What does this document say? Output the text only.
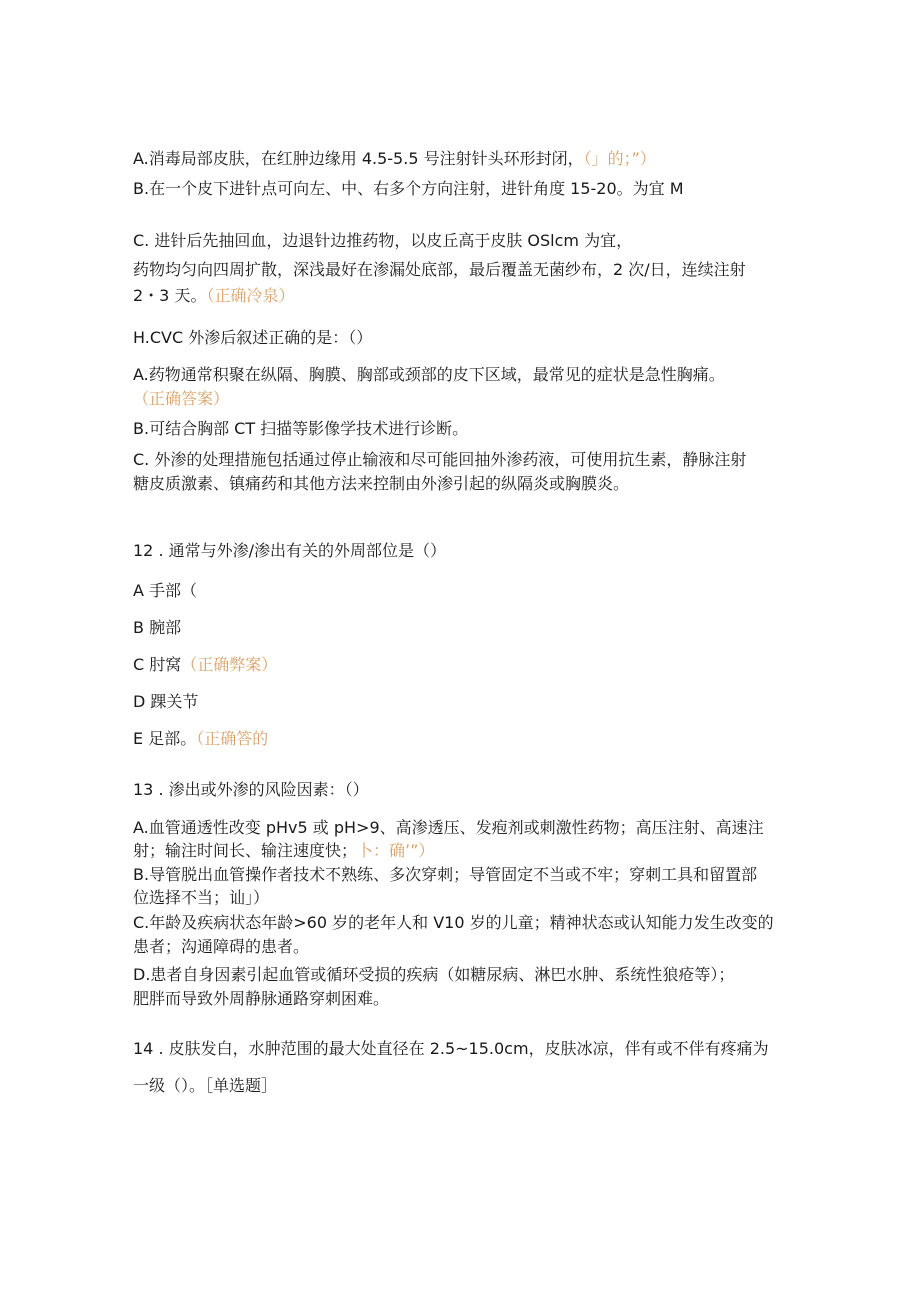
A.消毒局部皮肤，在红肿边缘用 4.5-5.5 号注射针头环形封闭，（」的；”）
B.在一个皮下进针点可向左、中、右多个方向注射，进针角度 15-20。为宜 M
C. 进针后先抽回血，边退针边推药物，以皮丘高于皮肤 OSlcm 为宜，
药物均匀向四周扩散，深浅最好在渗漏处底部，最后覆盖无菌纱布，2 次/日，连续注射
2・3 天。（正确冷泉）
H.CVC 外渗后叙述正确的是：（）
A.药物通常积聚在纵隔、胸膜、胸部或颈部的皮下区域，最常见的症状是急性胸痛。
（正确答案）
B.可结合胸部 CT 扫描等影像学技术进行诊断。
C. 外渗的处理措施包括通过停止输液和尽可能回抽外渗药液，可使用抗生素，静脉注射
糖皮质激素、镇痛药和其他方法来控制由外渗引起的纵隔炎或胸膜炎。
12 . 通常与外渗/渗出有关的外周部位是（）
A 手部（
B 腕部
C 肘窝（正确弊案）
D 踝关节
E 足部。（正确答的
13 . 渗出或外渗的风险因素：（）
A.血管通透性改变 pHv5 或 pH>9、高渗透压、发疱剂或刺激性药物；高压注射、高速注
射；输注时间长、输注速度快；卜：确’”）
B.导管脱出血管操作者技术不熟练、多次穿刺；导管固定不当或不牢；穿刺工具和留置部
位选择不当；讪」）
C.年龄及疾病状态年龄>60 岁的老年人和 V10 岁的儿童；精神状态或认知能力发生改变的
患者；沟通障碍的患者。
D.患者自身因素引起血管或循环受损的疾病（如糖尿病、淋巴水肿、系统性狼疮等）；
肥胖而导致外周静脉通路穿刺困难。
14 . 皮肤发白，水肿范围的最大处直径在 2.5~15.0cm，皮肤冰凉，伴有或不伴有疼痛为
一级（）。［单选题］
